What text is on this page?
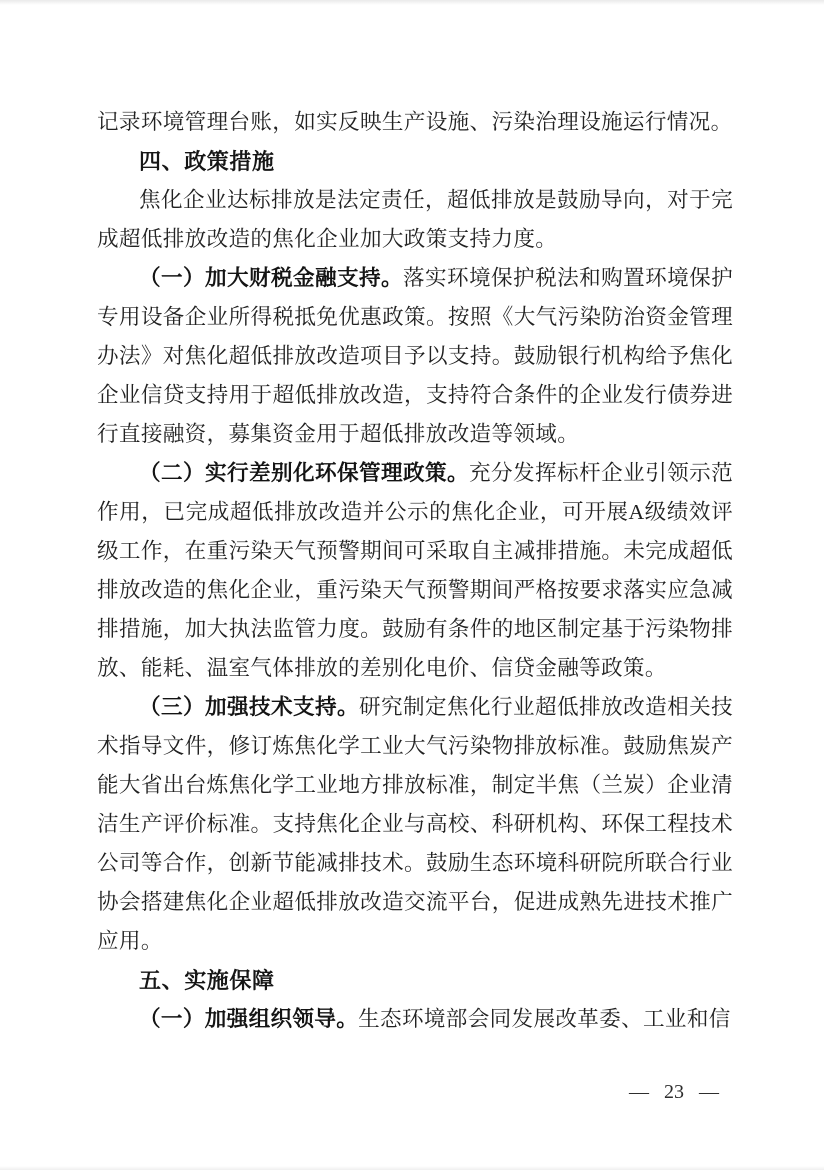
记录环境管理台账，如实反映生产设施、污染治理设施运行情况。

四、政策措施

焦化企业达标排放是法定责任，超低排放是鼓励导向，对于完成超低排放改造的焦化企业加大政策支持力度。

（一）加大财税金融支持。落实环境保护税法和购置环境保护专用设备企业所得税抵免优惠政策。按照《大气污染防治资金管理办法》对焦化超低排放改造项目予以支持。鼓励银行机构给予焦化企业信贷支持用于超低排放改造，支持符合条件的企业发行债券进行直接融资，募集资金用于超低排放改造等领域。

（二）实行差别化环保管理政策。充分发挥标杆企业引领示范作用，已完成超低排放改造并公示的焦化企业，可开展A级绩效评级工作，在重污染天气预警期间可采取自主减排措施。未完成超低排放改造的焦化企业，重污染天气预警期间严格按要求落实应急减排措施，加大执法监管力度。鼓励有条件的地区制定基于污染物排放、能耗、温室气体排放的差别化电价、信贷金融等政策。

（三）加强技术支持。研究制定焦化行业超低排放改造相关技术指导文件，修订炼焦化学工业大气污染物排放标准。鼓励焦炭产能大省出台炼焦化学工业地方排放标准，制定半焦（兰炭）企业清洁生产评价标准。支持焦化企业与高校、科研机构、环保工程技术公司等合作，创新节能减排技术。鼓励生态环境科研院所联合行业协会搭建焦化企业超低排放改造交流平台，促进成熟先进技术推广应用。

五、实施保障

（一）加强组织领导。生态环境部会同发展改革委、工业和信

— 23 —
